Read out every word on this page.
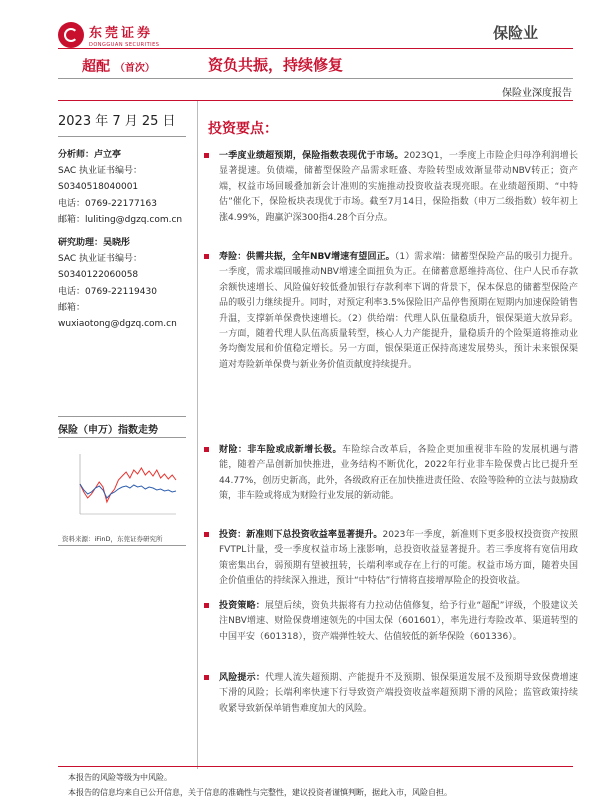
东莞证券
DONGGUAN SECURITIES
保险业
超配 （首次）	资负共振，持续修复
保险业深度报告
2023 年 7 月 25 日 投资要点：
分析师：卢立亭
SAC 执业证书编号：
S0340518040001
电话：0769-22177163
邮箱：luliting@dgzq.com.cn
研究助理：吴晓彤
SAC 执业证书编号：
S0340122060058
电话：0769-22119430
邮箱：
wuxiaotong@dgzq.com.cn
保险（申万）指数走势
资料来源：iFinD，东莞证券研究所
一季度业绩超预期，保险指数表现优于市场。2023Q1，一季度上市险企归母净利润增长显著提速。负债端，储蓄型保险产品需求旺盛、寿险转型成效渐显带动NBV转正；资产端，权益市场回暖叠加新会计准则的实施推动投资收益表现亮眼。在业绩超预期、“中特估”催化下，保险板块表现优于市场。截至7月14日，保险指数（申万二级指数）较年初上涨4.99%，跑赢沪深300指4.28个百分点。
寿险：供需共振，全年NBV增速有望回正。（1）需求端：储蓄型保险产品的吸引力提升。一季度，需求端回暖推动NBV增速全面扭负为正。在储蓄意愿维持高位、住户人民币存款余额快速增长、风险偏好较低叠加银行存款利率下调的背景下，保本保息的储蓄型保险产品的吸引力继续提升。同时，对预定利率3.5%保险旧产品停售预期在短期内加速保险销售升温，支撑新单保费快速增长。（2）供给端：代理人队伍量稳质升，银保渠道大放异彩。一方面，随着代理人队伍高质量转型，核心人力产能提升，量稳质升的个险渠道将推动业务均衡发展和价值稳定增长。另一方面，银保渠道正保持高速发展势头，预计未来银保渠道对寿险新单保费与新业务价值贡献度持续提升。
财险：非车险或成新增长极。车险综合改革后，各险企更加重视非车险的发展机遇与潜能，随着产品创新加快推进，业务结构不断优化，2022年行业非车险保费占比已提升至44.77%，创历史新高，此外，各级政府正在加快推进责任险、农险等险种的立法与鼓励政策，非车险或将成为财险行业发展的新动能。
投资：新准则下总投资收益率显著提升。2023年一季度，新准则下更多股权投资资产按照FVTPL计量，受一季度权益市场上涨影响，总投资收益显著提升。若三季度将有宽信用政策密集出台，弱预期有望被扭转，长端利率或存在上行的可能。权益市场方面，随着央国企价值重估的持续深入推进，预计“中特估”行情将直接增厚险企的投资收益。
投资策略：展望后续，资负共振将有力拉动估值修复，给予行业“超配”评级，个股建议关注NBV增速、财险保费增速领先的中国太保（601601），率先进行寿险改革、渠道转型的中国平安（601318），资产端弹性较大、估值较低的新华保险（601336）。
风险提示：代理人流失超预期、产能提升不及预期、银保渠道发展不及预期导致保费增速下滑的风险；长端利率快速下行导致资产端投资收益率超预期下滑的风险；监管政策持续收紧导致新保单销售难度加大的风险。
本报告的风险等级为中风险。
本报告的信息均来自已公开信息，关于信息的准确性与完整性，建议投资者谨慎判断，据此入市，风险自担。
